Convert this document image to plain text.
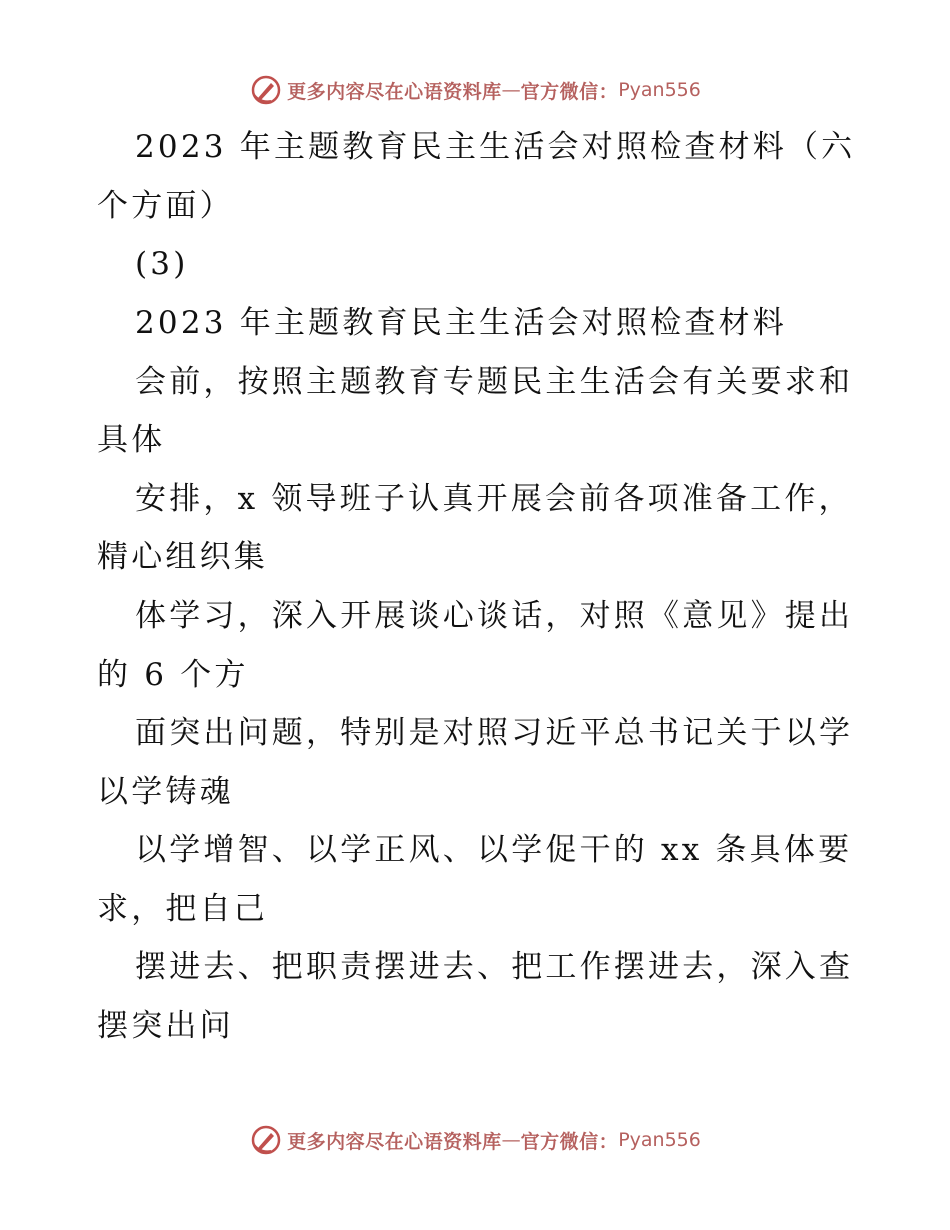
更多内容尽在心语资料库 — 官方微信： Pyan556
2023 年主题教育民主生活会对照检查材料（六
个方面）
(3)
2023 年主题教育民主生活会对照检查材料
会前，按照主题教育专题民主生活会有关要求和
具体
安排，x 领导班子认真开展会前各项准备工作，
精心组织集
体学习，深入开展谈心谈话，对照《意见》提出
的 6 个方
面突出问题，特别是对照习近平总书记关于以学
以学铸魂
以学增智、以学正风、以学促干的 xx 条具体要
求，把自己
摆进去、把职责摆进去、把工作摆进去，深入查
摆突出问
更多内容尽在心语资料库 — 官方微信： Pyan556
